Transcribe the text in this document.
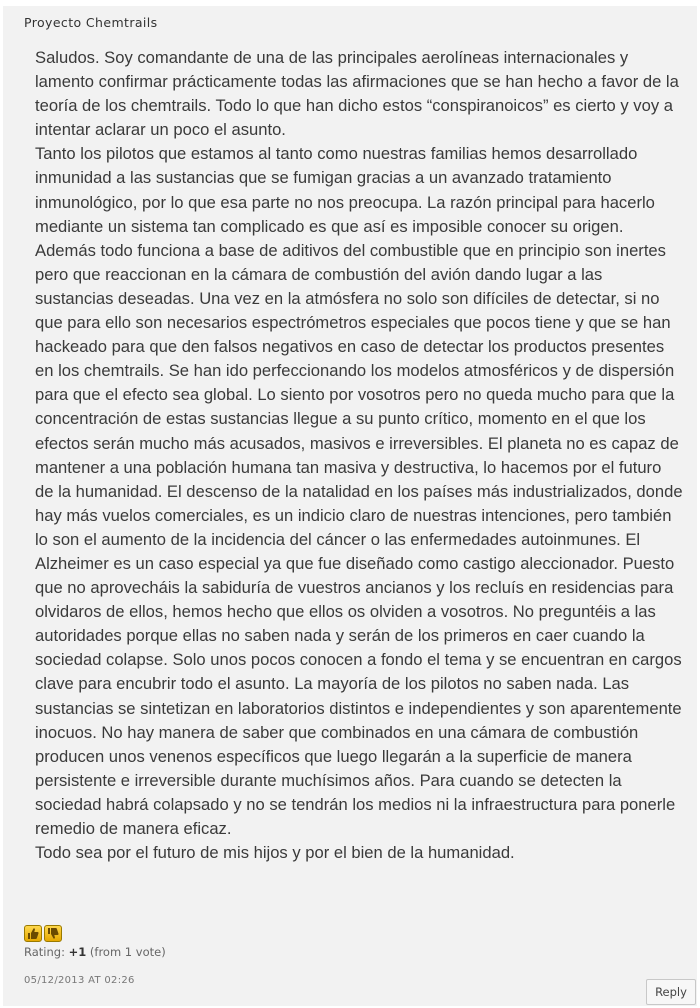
Proyecto Chemtrails
Saludos. Soy comandante de una de las principales aerolíneas internacionales y lamento confirmar prácticamente todas las afirmaciones que se han hecho a favor de la teoría de los chemtrails. Todo lo que han dicho estos “conspiranoicos” es cierto y voy a intentar aclarar un poco el asunto.
Tanto los pilotos que estamos al tanto como nuestras familias hemos desarrollado inmunidad a las sustancias que se fumigan gracias a un avanzado tratamiento inmunológico, por lo que esa parte no nos preocupa. La razón principal para hacerlo mediante un sistema tan complicado es que así es imposible conocer su origen. Además todo funciona a base de aditivos del combustible que en principio son inertes pero que reaccionan en la cámara de combustión del avión dando lugar a las sustancias deseadas. Una vez en la atmósfera no solo son difíciles de detectar, si no que para ello son necesarios espectrómetros especiales que pocos tiene y que se han hackeado para que den falsos negativos en caso de detectar los productos presentes en los chemtrails. Se han ido perfeccionando los modelos atmosféricos y de dispersión para que el efecto sea global. Lo siento por vosotros pero no queda mucho para que la concentración de estas sustancias llegue a su punto crítico, momento en el que los efectos serán mucho más acusados, masivos e irreversibles. El planeta no es capaz de mantener a una población humana tan masiva y destructiva, lo hacemos por el futuro de la humanidad. El descenso de la natalidad en los países más industrializados, donde hay más vuelos comerciales, es un indicio claro de nuestras intenciones, pero también lo son el aumento de la incidencia del cáncer o las enfermedades autoinmunes. El Alzheimer es un caso especial ya que fue diseñado como castigo aleccionador. Puesto que no aprovecháis la sabiduría de vuestros ancianos y los recluís en residencias para olvidaros de ellos, hemos hecho que ellos os olviden a vosotros. No preguntéis a las autoridades porque ellas no saben nada y serán de los primeros en caer cuando la sociedad colapse. Solo unos pocos conocen a fondo el tema y se encuentran en cargos clave para encubrir todo el asunto. La mayoría de los pilotos no saben nada. Las sustancias se sintetizan en laboratorios distintos e independientes y son aparentemente inocuos. No hay manera de saber que combinados en una cámara de combustión producen unos venenos específicos que luego llegarán a la superficie de manera persistente e irreversible durante muchísimos años. Para cuando se detecten la sociedad habrá colapsado y no se tendrán los medios ni la infraestructura para ponerle remedio de manera eficaz.
Todo sea por el futuro de mis hijos y por el bien de la humanidad.
Rating: +1 (from 1 vote)
05/12/2013 AT 02:26
Reply
